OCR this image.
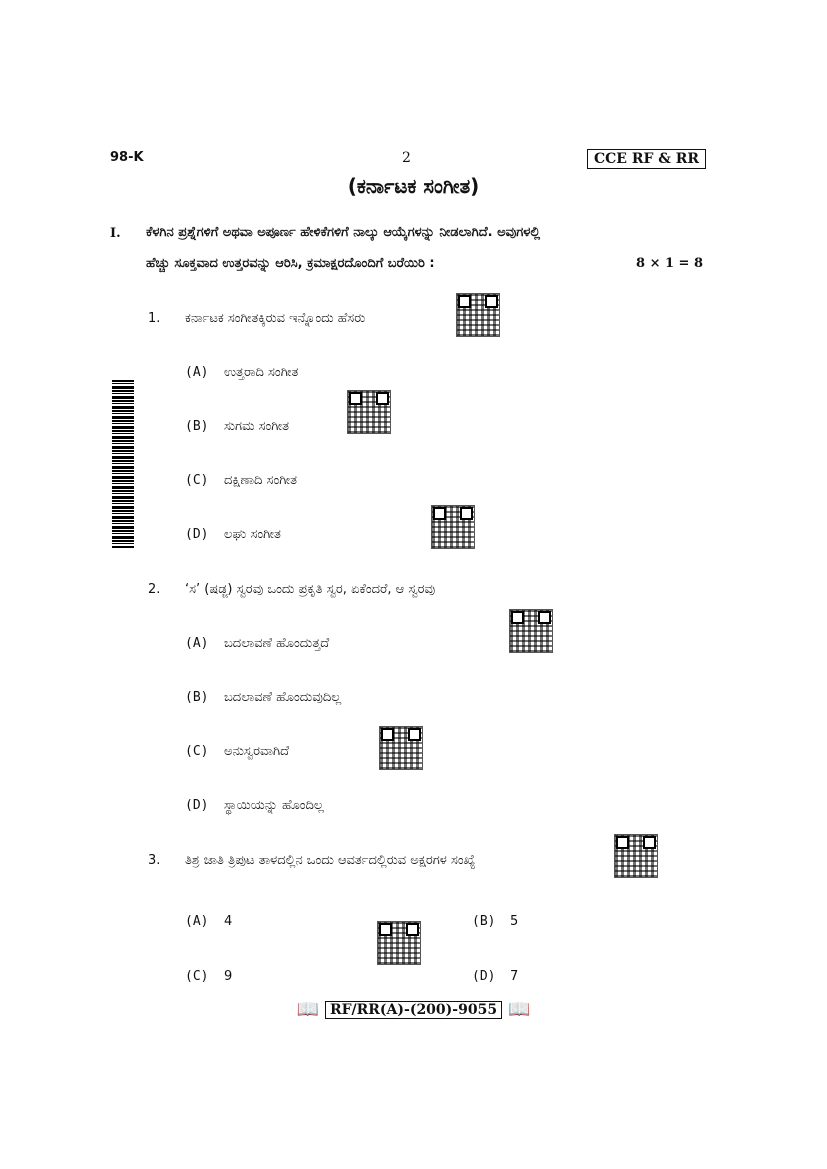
98-K	2	CCE RF & RR
(ಕರ್ನಾಟಕ ಸಂಗೀತ)
I. ಕೆಳಗಿನ ಪ್ರಶ್ನೆಗಳಿಗೆ ಅಥವಾ ಅಪೂರ್ಣ ಹೇಳಿಕೆಗಳಿಗೆ ನಾಲ್ಕು ಆಯ್ಕೆಗಳನ್ನು ನೀಡಲಾಗಿದೆ. ಅವುಗಳಲ್ಲಿ
ಹೆಚ್ಚು ಸೂಕ್ತವಾದ ಉತ್ತರವನ್ನು ಆರಿಸಿ, ಕ್ರಮಾಕ್ಷರದೊಂದಿಗೆ ಬರೆಯಿರಿ :	8 × 1 = 8
1. ಕರ್ನಾಟಕ ಸಂಗೀತಕ್ಕಿರುವ ಇನ್ನೊಂದು ಹೆಸರು
(A) ಉತ್ತರಾದಿ ಸಂಗೀತ
(B) ಸುಗಮ ಸಂಗೀತ
(C) ದಕ್ಷಿಣಾದಿ ಸಂಗೀತ
(D) ಲಘು ಸಂಗೀತ
2. ‘ಸ’ (ಷಡ್ಜ) ಸ್ವರವು ಒಂದು ಪ್ರಕೃತಿ ಸ್ವರ, ಏಕೆಂದರೆ, ಆ ಸ್ವರವು
(A) ಬದಲಾವಣೆ ಹೊಂದುತ್ತದೆ
(B) ಬದಲಾವಣೆ ಹೊಂದುವುದಿಲ್ಲ
(C) ಅನುಸ್ವರವಾಗಿದೆ
(D) ಸ್ಥಾಯಿಯನ್ನು ಹೊಂದಿಲ್ಲ
3. ತಿಶ್ರ ಜಾತಿ ತ್ರಿಪುಟ ತಾಳದಲ್ಲಿನ ಒಂದು ಆವರ್ತದಲ್ಲಿರುವ ಅಕ್ಷರಗಳ ಸಂಖ್ಯೆ
(A) 4	(B) 5
(C) 9	(D) 7
📖 RF/RR(A)-(200)-9055 📖
